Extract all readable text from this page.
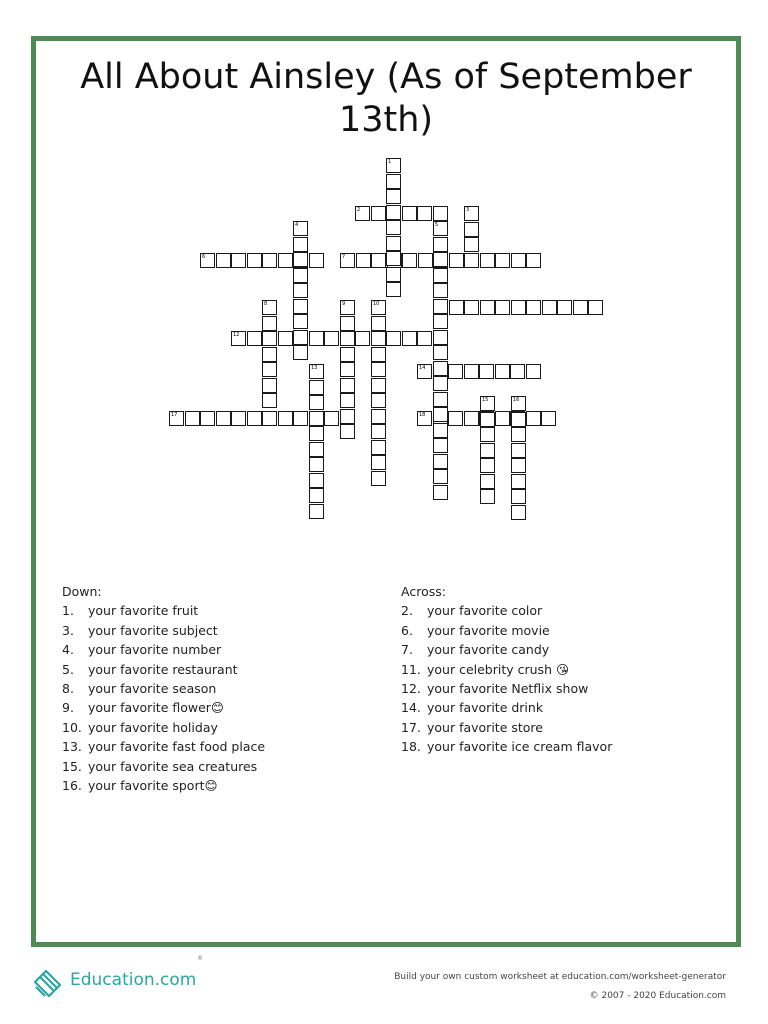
All About Ainsley (As of September 13th)
2
6	7
12
14
17	18
1
3
4	5
8	9	10
13
15	16
Down:
1. your favorite fruit
3. your favorite subject
4. your favorite number
5. your favorite restaurant
8. your favorite season
9. your favorite flower😊
10. your favorite holiday
13. your favorite fast food place
15. your favorite sea creatures
16. your favorite sport😊
Across:
2. your favorite color
6. your favorite movie
7. your favorite candy
11. your celebrity crush 😘
12. your favorite Netflix show
14. your favorite drink
17. your favorite store
18. your favorite ice cream flavor
Education.com
®
Build your own custom worksheet at education.com/worksheet-generator
© 2007 - 2020 Education.com
